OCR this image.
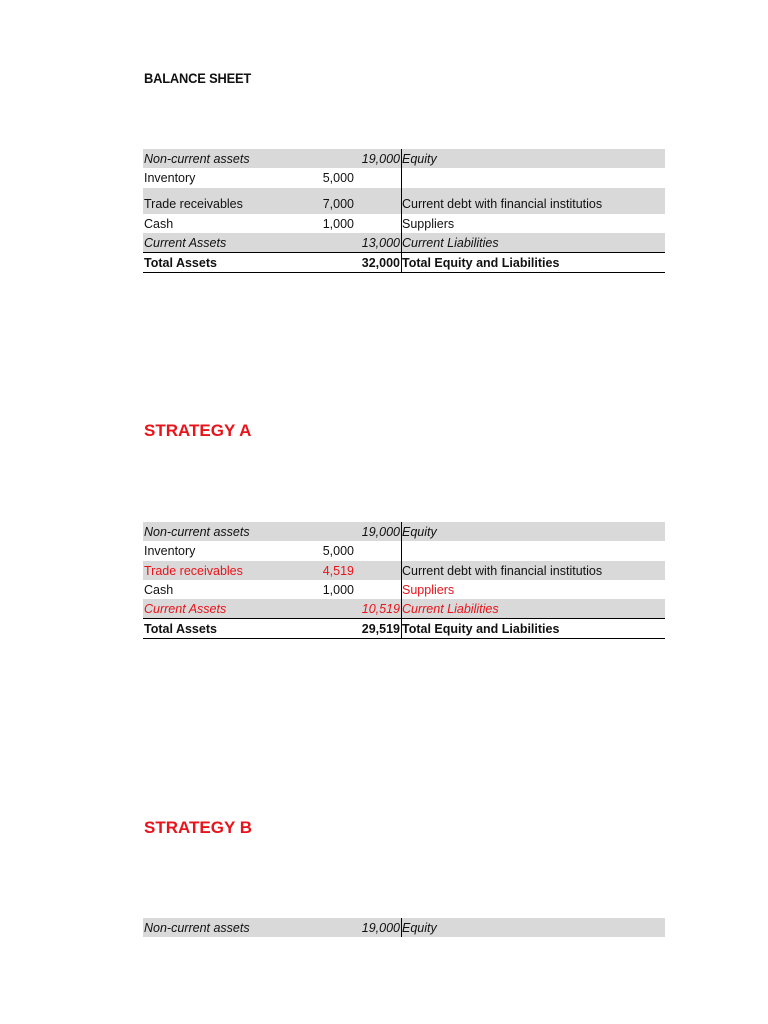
BALANCE SHEET
Non-current assets	19,000 Equity
Inventory	5,000
Trade receivables	7,000	Current debt with financial institutios
Cash	1,000	Suppliers
Current Assets	13,000 Current Liabilities
Total Assets	32,000 Total Equity and Liabilities
STRATEGY A
Non-current assets	19,000 Equity
Inventory	5,000
Trade receivables	4,519	Current debt with financial institutios
Cash	1,000	Suppliers
Current Assets	10,519 Current Liabilities
Total Assets	29,519 Total Equity and Liabilities
STRATEGY B
Non-current assets	19,000 Equity
